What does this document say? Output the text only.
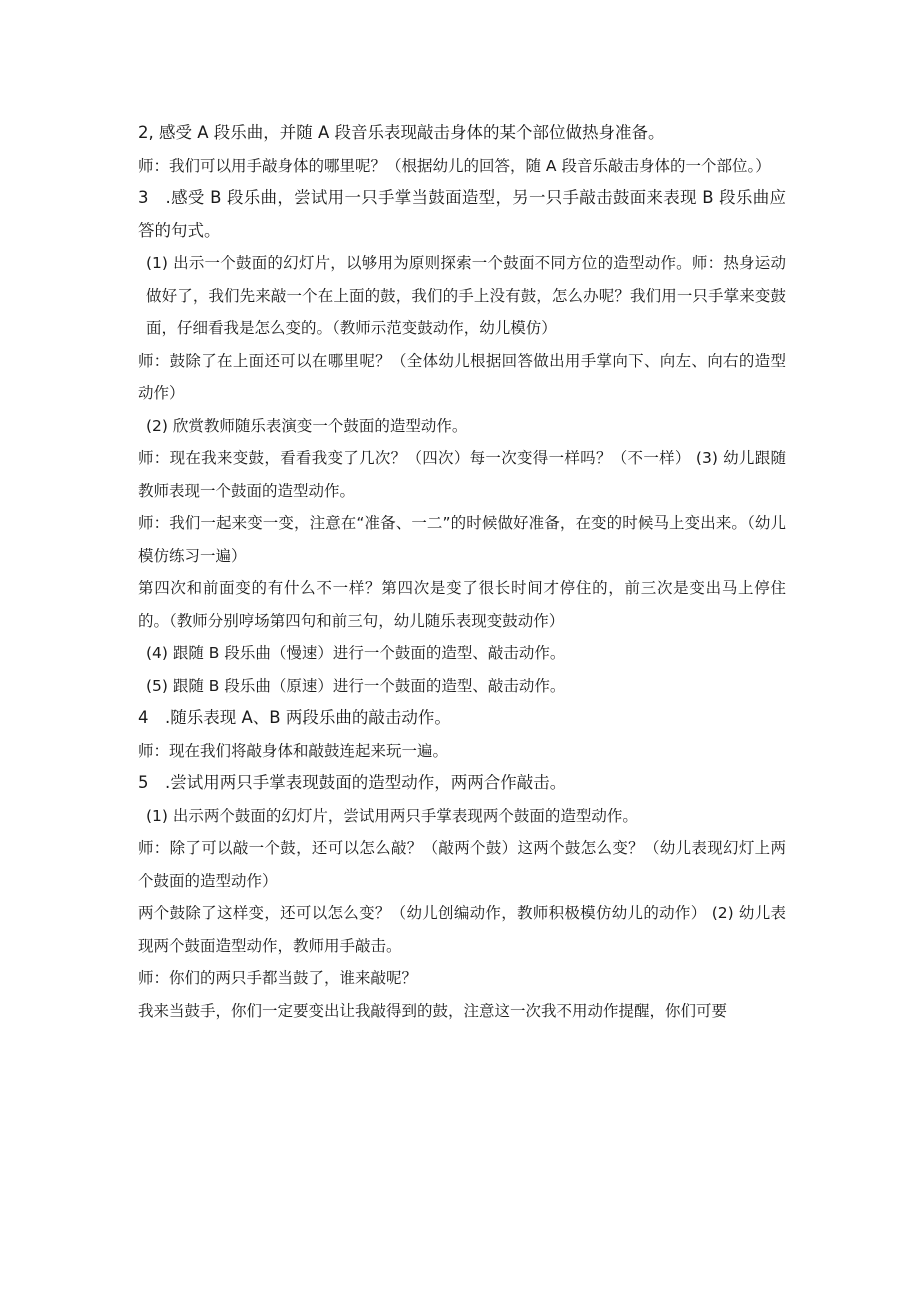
2, 感受 A 段乐曲，并随 A 段音乐表现敲击身体的某个部位做热身准备。

师：我们可以用手敲身体的哪里呢？（根据幼儿的回答，随 A 段音乐敲击身体的一个部位。）

3　.感受 B 段乐曲，尝试用一只手掌当鼓面造型，另一只手敲击鼓面来表现 B 段乐曲应答的句式。

(1) 出示一个鼓面的幻灯片，以够用为原则探索一个鼓面不同方位的造型动作。师：热身运动做好了，我们先来敲一个在上面的鼓，我们的手上没有鼓，怎么办呢？我们用一只手掌来变鼓面，仔细看我是怎么变的。（教师示范变鼓动作，幼儿模仿）

师：鼓除了在上面还可以在哪里呢？（全体幼儿根据回答做出用手掌向下、向左、向右的造型动作）

(2) 欣赏教师随乐表演变一个鼓面的造型动作。

师：现在我来变鼓，看看我变了几次？（四次）每一次变得一样吗？（不一样） (3) 幼儿跟随教师表现一个鼓面的造型动作。

师：我们一起来变一变，注意在“准备、一二”的时候做好准备，在变的时候马上变出来。（幼儿模仿练习一遍）

第四次和前面变的有什么不一样？第四次是变了很长时间才停住的，前三次是变出马上停住的。（教师分别哼场第四句和前三句，幼儿随乐表现变鼓动作）

(4) 跟随 B 段乐曲（慢速）进行一个鼓面的造型、敲击动作。

(5) 跟随 B 段乐曲（原速）进行一个鼓面的造型、敲击动作。

4　.随乐表现 A、B 两段乐曲的敲击动作。

师：现在我们将敲身体和敲鼓连起来玩一遍。

5　.尝试用两只手掌表现鼓面的造型动作，两两合作敲击。

(1) 出示两个鼓面的幻灯片，尝试用两只手掌表现两个鼓面的造型动作。

师：除了可以敲一个鼓，还可以怎么敲？（敲两个鼓）这两个鼓怎么变？（幼儿表现幻灯上两个鼓面的造型动作）

两个鼓除了这样变，还可以怎么变？（幼儿创编动作，教师积极模仿幼儿的动作） (2) 幼儿表现两个鼓面造型动作，教师用手敲击。

师：你们的两只手都当鼓了，谁来敲呢？

我来当鼓手，你们一定要变出让我敲得到的鼓，注意这一次我不用动作提醒，你们可要
